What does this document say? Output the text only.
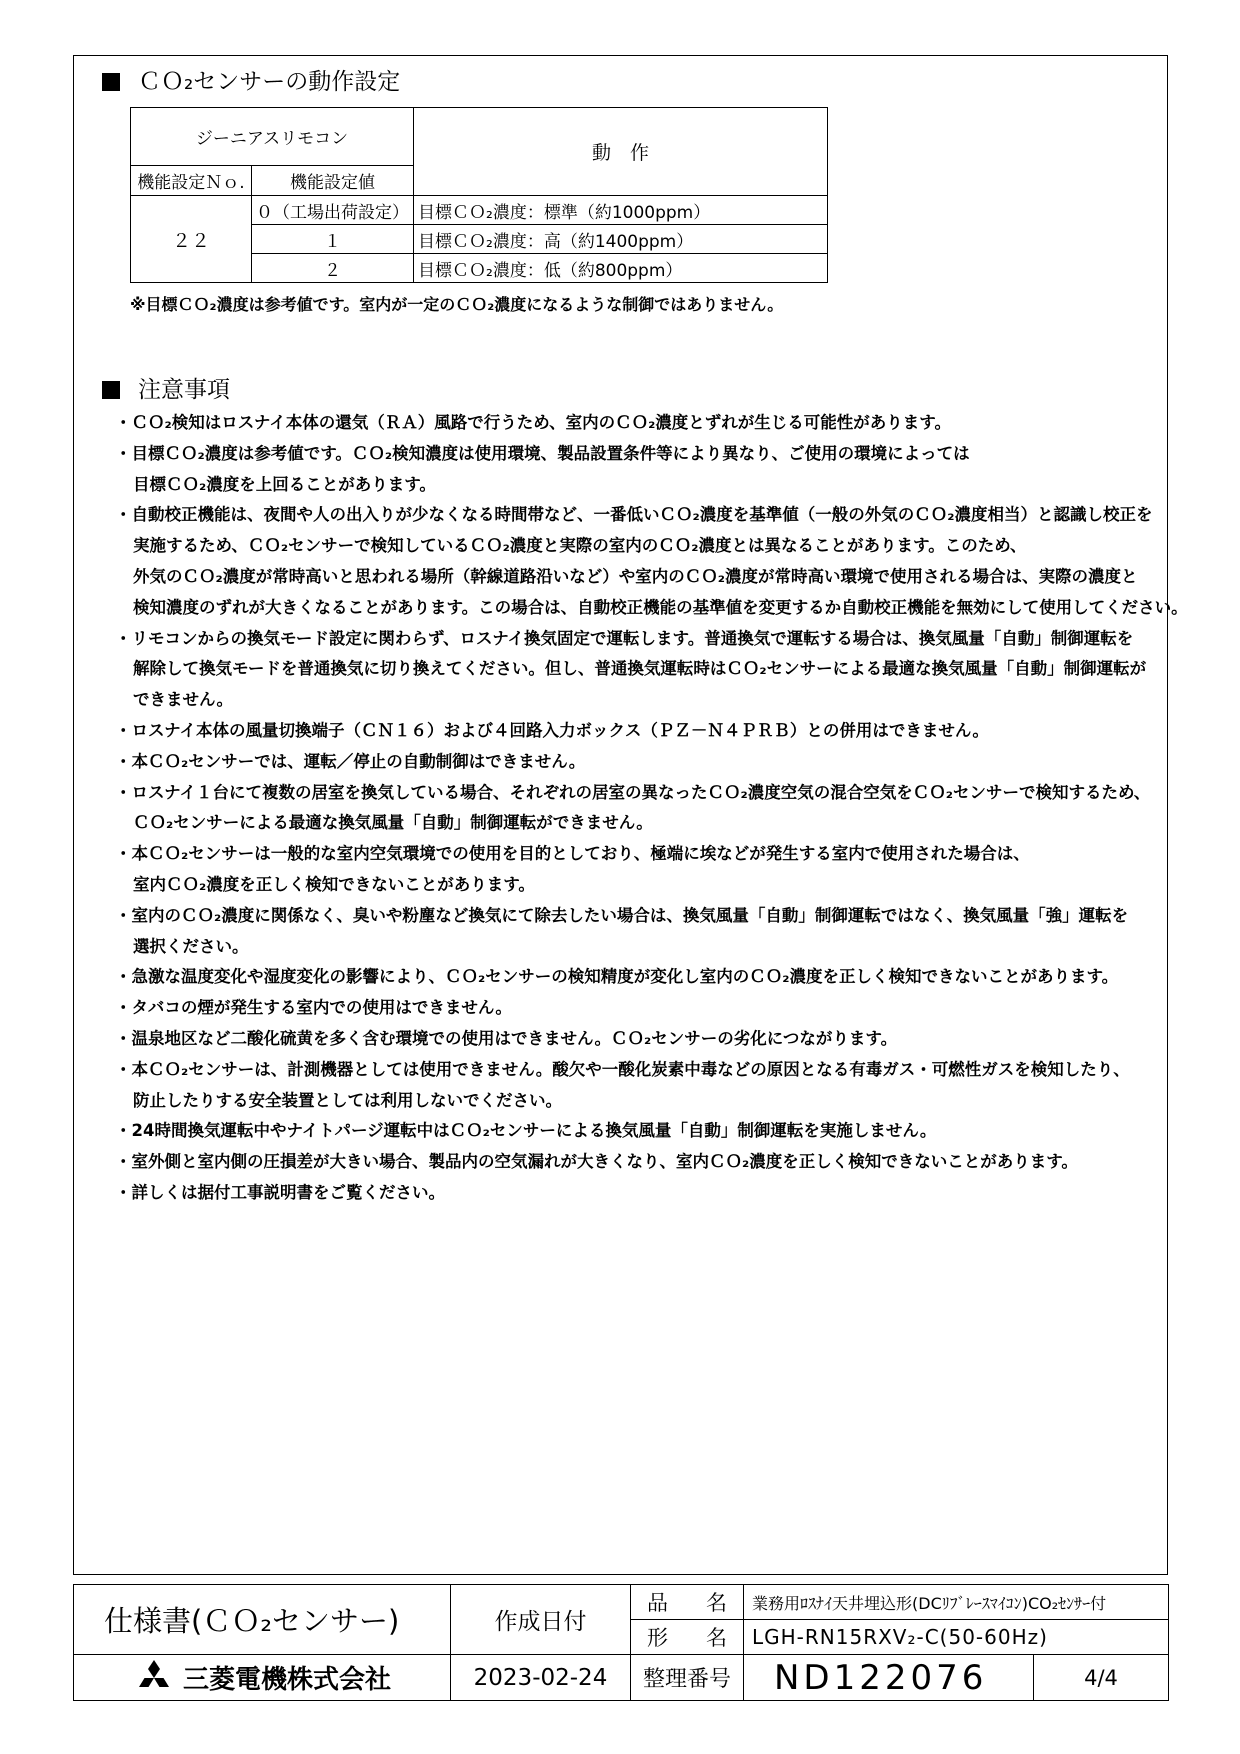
ＣＯ₂センサーの動作設定
ジーニアスリモコン		動　作
機能設定Ｎｏ.	機能設定値	
２２	０（工場出荷設定）	目標ＣＯ₂濃度：標準（約1000ppm）
	１	目標ＣＯ₂濃度：高（約1400ppm）
	２	目標ＣＯ₂濃度：低（約800ppm）
※目標ＣＯ₂濃度は参考値です。室内が一定のＣＯ₂濃度になるような制御ではありません。
注意事項
・ＣＯ₂検知はロスナイ本体の還気（ＲＡ）風路で行うため、室内のＣＯ₂濃度とずれが生じる可能性があります。
・目標ＣＯ₂濃度は参考値です。ＣＯ₂検知濃度は使用環境、製品設置条件等により異なり、ご使用の環境によっては
目標ＣＯ₂濃度を上回ることがあります。
・自動校正機能は、夜間や人の出入りが少なくなる時間帯など、一番低いＣＯ₂濃度を基準値（一般の外気のＣＯ₂濃度相当）と認識し校正を
実施するため、ＣＯ₂センサーで検知しているＣＯ₂濃度と実際の室内のＣＯ₂濃度とは異なることがあります。このため、
外気のＣＯ₂濃度が常時高いと思われる場所（幹線道路沿いなど）や室内のＣＯ₂濃度が常時高い環境で使用される場合は、実際の濃度と
検知濃度のずれが大きくなることがあります。この場合は、自動校正機能の基準値を変更するか自動校正機能を無効にして使用してください。
・リモコンからの換気モード設定に関わらず、ロスナイ換気固定で運転します。普通換気で運転する場合は、換気風量「自動」制御運転を
解除して換気モードを普通換気に切り換えてください。但し、普通換気運転時はＣＯ₂センサーによる最適な換気風量「自動」制御運転が
できません。
・ロスナイ本体の風量切換端子（ＣＮ１６）および４回路入力ボックス（ＰＺ－Ｎ４ＰＲＢ）との併用はできません。
・本ＣＯ₂センサーでは、運転／停止の自動制御はできません。
・ロスナイ１台にて複数の居室を換気している場合、それぞれの居室の異なったＣＯ₂濃度空気の混合空気をＣＯ₂センサーで検知するため、
ＣＯ₂センサーによる最適な換気風量「自動」制御運転ができません。
・本ＣＯ₂センサーは一般的な室内空気環境での使用を目的としており、極端に埃などが発生する室内で使用された場合は、
室内ＣＯ₂濃度を正しく検知できないことがあります。
・室内のＣＯ₂濃度に関係なく、臭いや粉塵など換気にて除去したい場合は、換気風量「自動」制御運転ではなく、換気風量「強」運転を
選択ください。
・急激な温度変化や湿度変化の影響により、ＣＯ₂センサーの検知精度が変化し室内のＣＯ₂濃度を正しく検知できないことがあります。
・タバコの煙が発生する室内での使用はできません。
・温泉地区など二酸化硫黄を多く含む環境での使用はできません。ＣＯ₂センサーの劣化につながります。
・本ＣＯ₂センサーは、計測機器としては使用できません。酸欠や一酸化炭素中毒などの原因となる有毒ガス・可燃性ガスを検知したり、
防止したりする安全装置としては利用しないでください。
・24時間換気運転中やナイトパージ運転中はＣＯ₂センサーによる換気風量「自動」制御運転を実施しません。
・室外側と室内側の圧損差が大きい場合、製品内の空気漏れが大きくなり、室内ＣＯ₂濃度を正しく検知できないことがあります。
・詳しくは据付工事説明書をご覧ください。
仕様書(ＣＯ₂センサー)	作成日付	品 名	業務用ﾛｽﾅｲ天井埋込形(DCﾘﾌﾞﾚｰｽﾏｲｺﾝ)CO₂ｾﾝｻｰ付	

		形 名	LGH-RN15RXV₂-C(50-60Hz)	

三菱電機株式会社	2023-02-24	整理番号	ND122076	4/4
